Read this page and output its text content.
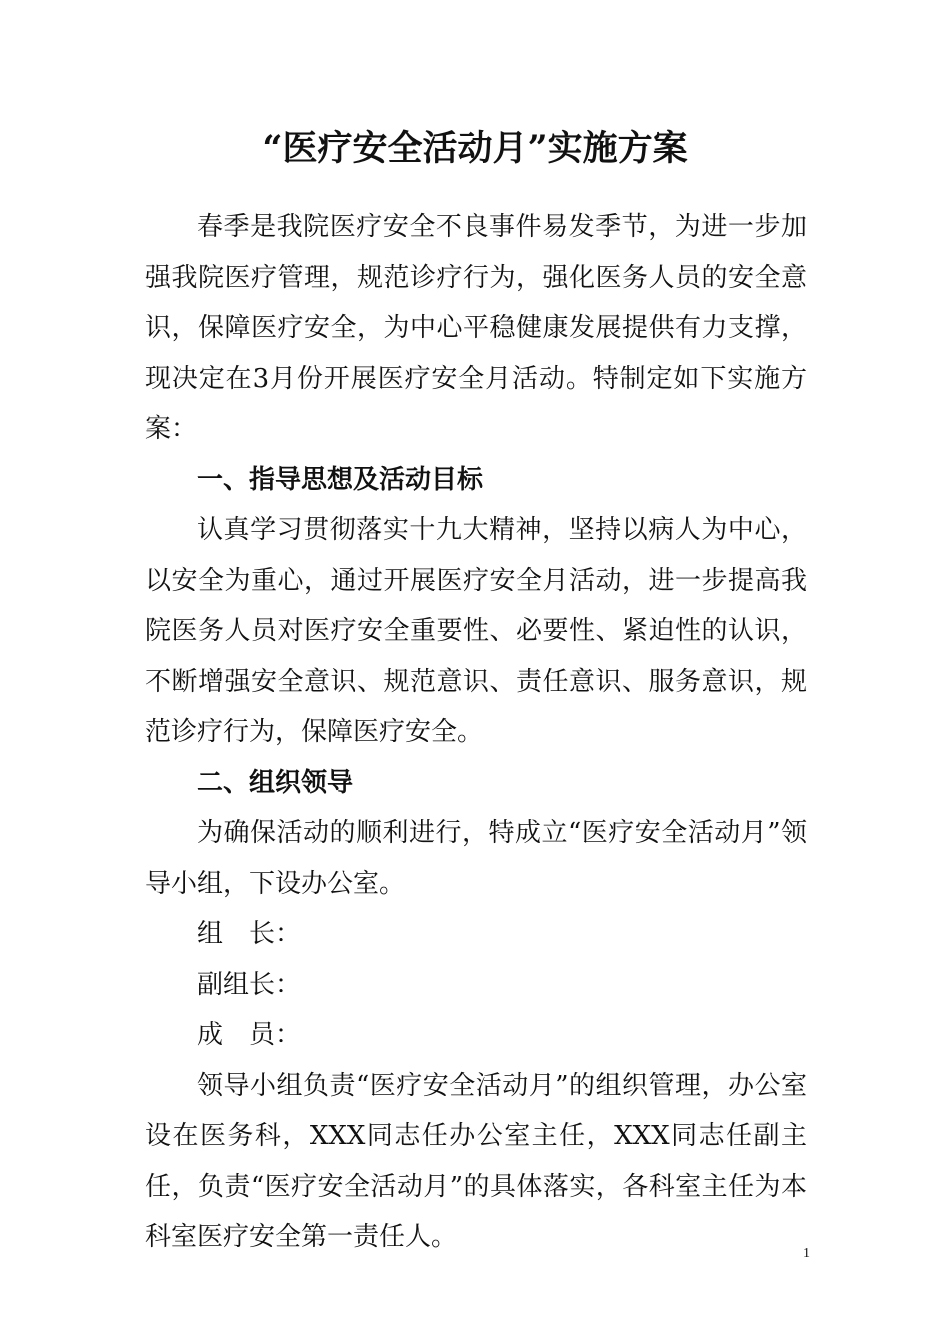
“医疗安全活动月”实施方案

春季是我院医疗安全不良事件易发季节，为进一步加强我院医疗管理，规范诊疗行为，强化医务人员的安全意识，保障医疗安全，为中心平稳健康发展提供有力支撑，现决定在3月份开展医疗安全月活动。特制定如下实施方案：

一、指导思想及活动目标

认真学习贯彻落实十九大精神，坚持以病人为中心，以安全为重心，通过开展医疗安全月活动，进一步提高我院医务人员对医疗安全重要性、必要性、紧迫性的认识，不断增强安全意识、规范意识、责任意识、服务意识，规范诊疗行为，保障医疗安全。

二、组织领导

为确保活动的顺利进行，特成立“医疗安全活动月”领导小组，下设办公室。

组　长：

副组长：

成　员：

领导小组负责“医疗安全活动月”的组织管理，办公室设在医务科，XXX同志任办公室主任，XXX同志任副主任，负责“医疗安全活动月”的具体落实，各科室主任为本科室医疗安全第一责任人。

1
